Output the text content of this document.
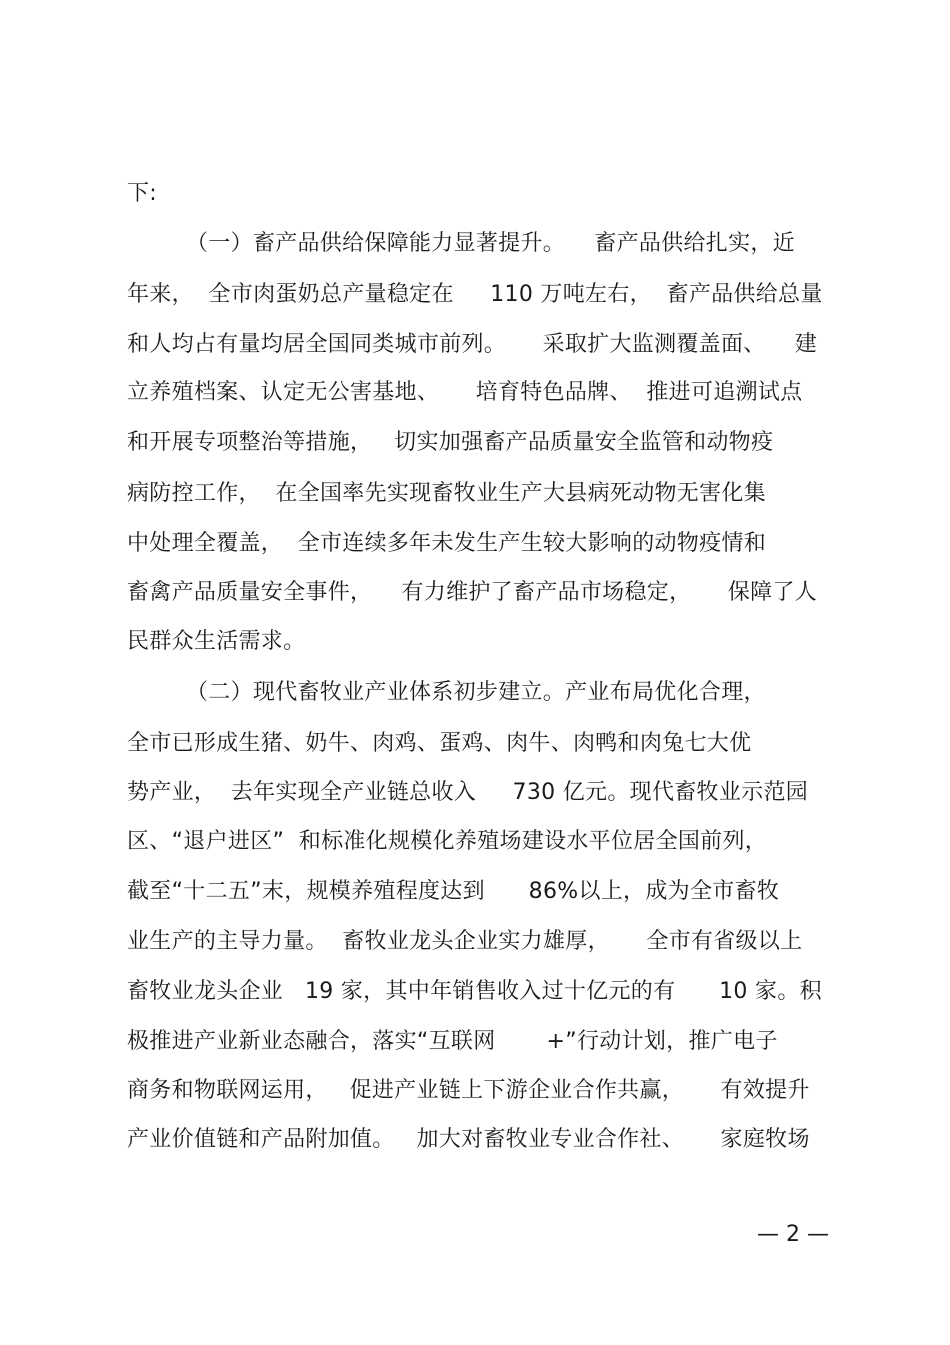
下:
（一）畜产品供给保障能力显著提升。    畜产品供给扎实，近
年来，  全市肉蛋奶总产量稳定在     110 万吨左右，  畜产品供给总量
和人均占有量均居全国同类城市前列。     采取扩大监测覆盖面、    建
立养殖档案、认定无公害基地、     培育特色品牌、  推进可追溯试点
和开展专项整治等措施，   切实加强畜产品质量安全监管和动物疫
病防控工作，  在全国率先实现畜牧业生产大县病死动物无害化集
中处理全覆盖，  全市连续多年未发生产生较大影响的动物疫情和
畜禽产品质量安全事件，    有力维护了畜产品市场稳定，     保障了人
民群众生活需求。
（二）现代畜牧业产业体系初步建立。产业布局优化合理，
全市已形成生猪、奶牛、肉鸡、蛋鸡、肉牛、肉鸭和肉兔七大优
势产业，  去年实现全产业链总收入     730 亿元。现代畜牧业示范园
区、“退户进区”  和标准化规模化养殖场建设水平位居全国前列，
截至“十二五”末，规模养殖程度达到      86%以上，成为全市畜牧
业生产的主导力量。  畜牧业龙头企业实力雄厚，     全市有省级以上
畜牧业龙头企业   19 家，其中年销售收入过十亿元的有      10 家。积
极推进产业新业态融合，落实“互联网       +”行动计划，推广电子
商务和物联网运用，   促进产业链上下游企业合作共赢，     有效提升
产业价值链和产品附加值。   加大对畜牧业专业合作社、     家庭牧场
— 2 —
